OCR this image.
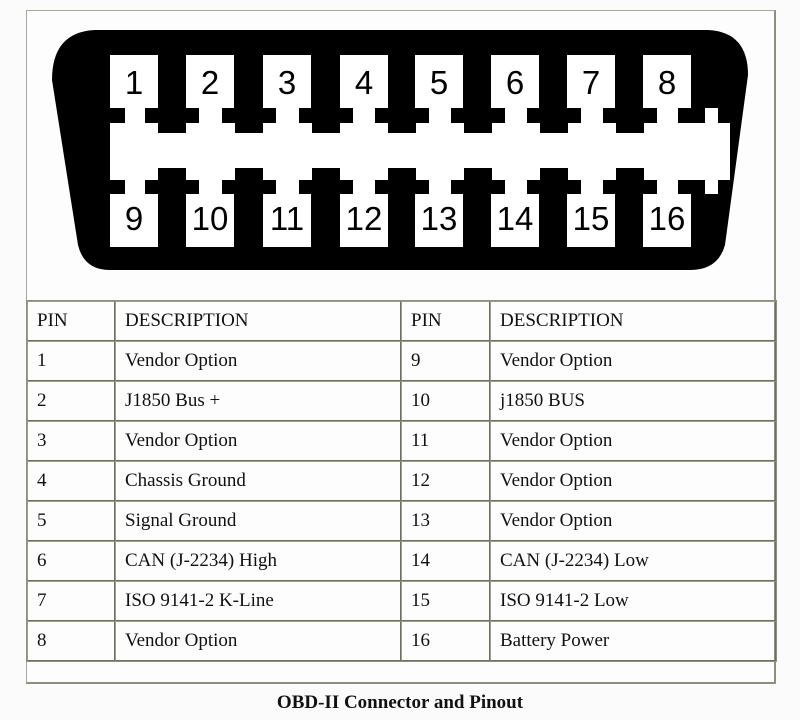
1	2	3	4	5	6	7	8
9	10 11 12 13 14 15 16
PIN	DESCRIPTION	PIN	DESCRIPTION
1	Vendor Option	9	Vendor Option
2	J1850 Bus +	10	j1850 BUS
3	Vendor Option	11	Vendor Option
4	Chassis Ground	12	Vendor Option
5	Signal Ground	13	Vendor Option
6	CAN (J-2234) High	14	CAN (J-2234) Low
7	ISO 9141-2 K-Line	15	ISO 9141-2 Low
8	Vendor Option	16	Battery Power
OBD-II Connector and Pinout
